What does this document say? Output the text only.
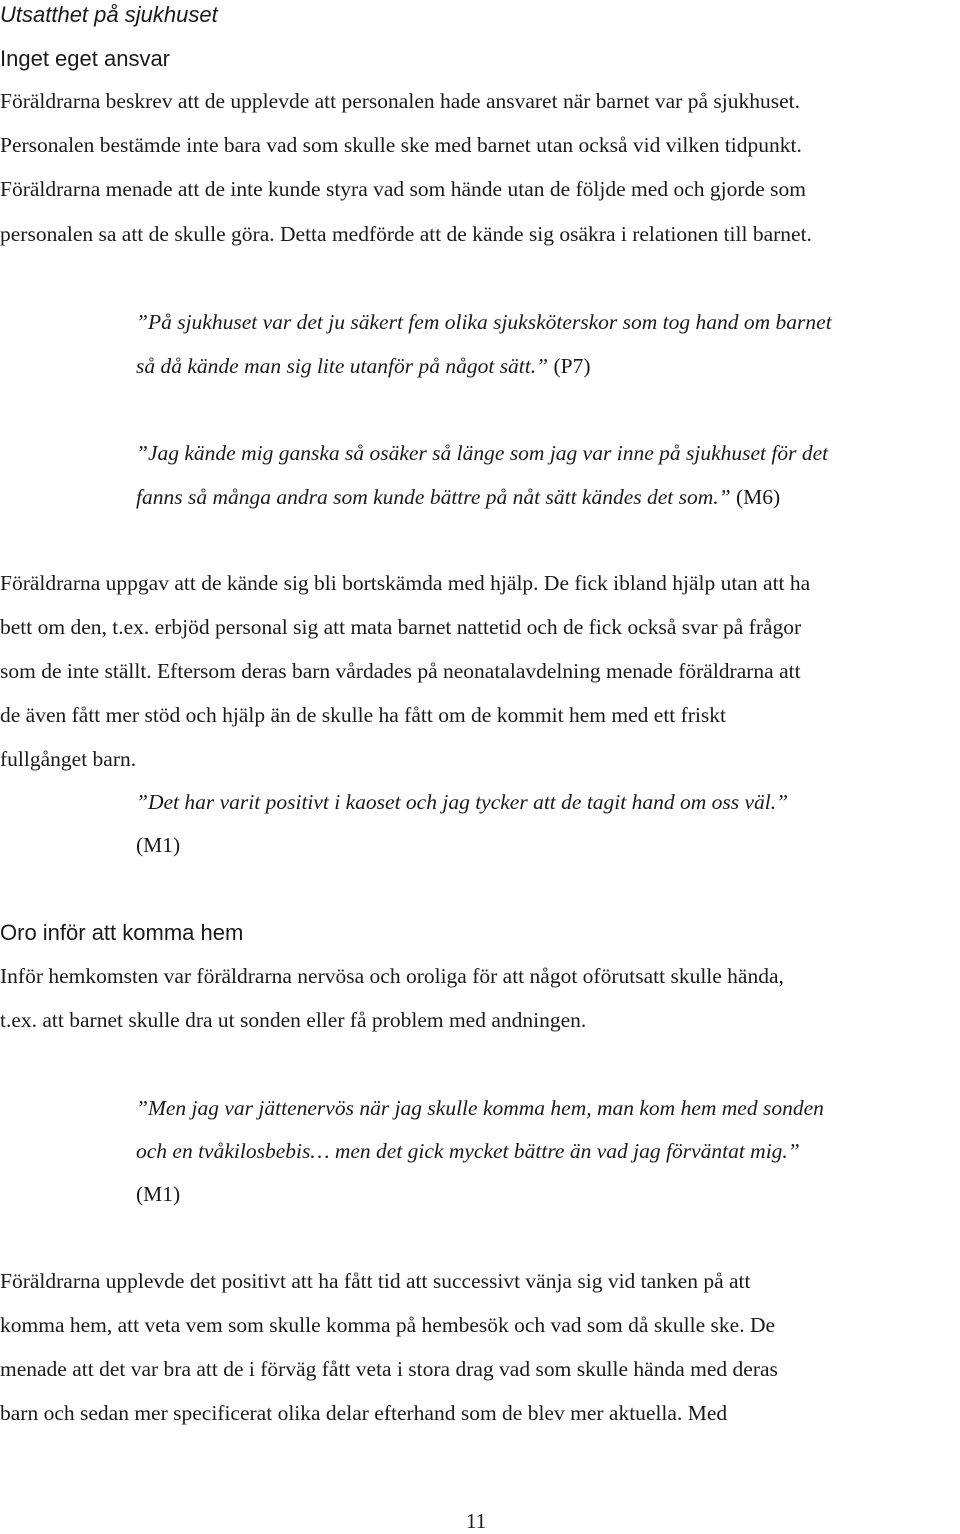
Utsatthet på sjukhuset
Inget eget ansvar
Föräldrarna beskrev att de upplevde att personalen hade ansvaret när barnet var på sjukhuset.
Personalen bestämde inte bara vad som skulle ske med barnet utan också vid vilken tidpunkt.
Föräldrarna menade att de inte kunde styra vad som hände utan de följde med och gjorde som
personalen sa att de skulle göra. Detta medförde att de kände sig osäkra i relationen till barnet.
”På sjukhuset var det ju säkert fem olika sjuksköterskor som tog hand om barnet
så då kände man sig lite utanför på något sätt.” (P7)
”Jag kände mig ganska så osäker så länge som jag var inne på sjukhuset för det
fanns så många andra som kunde bättre på nåt sätt kändes det som.” (M6)
Föräldrarna uppgav att de kände sig bli bortskämda med hjälp. De fick ibland hjälp utan att ha
bett om den, t.ex. erbjöd personal sig att mata barnet nattetid och de fick också svar på frågor
som de inte ställt. Eftersom deras barn vårdades på neonatalavdelning menade föräldrarna att
de även fått mer stöd och hjälp än de skulle ha fått om de kommit hem med ett friskt
fullgånget barn.
”Det har varit positivt i kaoset och jag tycker att de tagit hand om oss väl.”
(M1)
Oro inför att komma hem
Inför hemkomsten var föräldrarna nervösa och oroliga för att något oförutsatt skulle hända,
t.ex. att barnet skulle dra ut sonden eller få problem med andningen.
”Men jag var jättenervös när jag skulle komma hem, man kom hem med sonden
och en tvåkilosbebis… men det gick mycket bättre än vad jag förväntat mig.”
(M1)
Föräldrarna upplevde det positivt att ha fått tid att successivt vänja sig vid tanken på att
komma hem, att veta vem som skulle komma på hembesök och vad som då skulle ske. De
menade att det var bra att de i förväg fått veta i stora drag vad som skulle hända med deras
barn och sedan mer specificerat olika delar efterhand som de blev mer aktuella. Med
11
